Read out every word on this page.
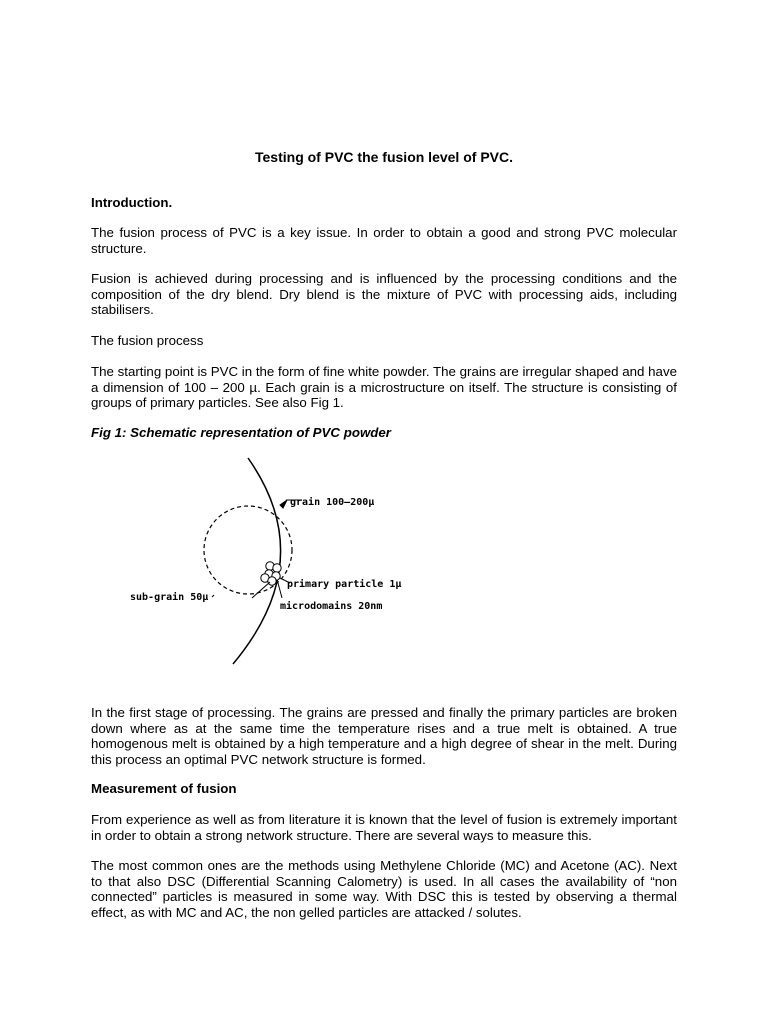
Testing of PVC the fusion level of PVC.
Introduction.

The fusion process of PVC is a key issue. In order to obtain a good and strong PVC molecular structure.

Fusion is achieved during processing and is influenced by the processing conditions and the composition of the dry blend. Dry blend is the mixture of PVC with processing aids, including stabilisers.

The fusion process

The starting point is PVC in the form of fine white powder. The grains are irregular shaped and have a dimension of 100 – 200 µ. Each grain is a microstructure on itself. The structure is consisting of groups of primary particles. See also Fig 1.

Fig 1: Schematic representation of PVC powder
grain 100–200µ
primary particle 1µ
sub-grain 50µ
microdomains 20nm

In the first stage of processing. The grains are pressed and finally the primary particles are broken down where as at the same time the temperature rises and a true melt is obtained. A true homogenous melt is obtained by a high temperature and a high degree of shear in the melt. During this process an optimal PVC network structure is formed.

Measurement of fusion

From experience as well as from literature it is known that the level of fusion is extremely important in order to obtain a strong network structure. There are several ways to measure this.

The most common ones are the methods using Methylene Chloride (MC) and Acetone (AC). Next to that also DSC (Differential Scanning Calometry) is used. In all cases the availability of “non connected” particles is measured in some way. With DSC this is tested by observing a thermal effect, as with MC and AC, the non gelled particles are attacked / solutes.
